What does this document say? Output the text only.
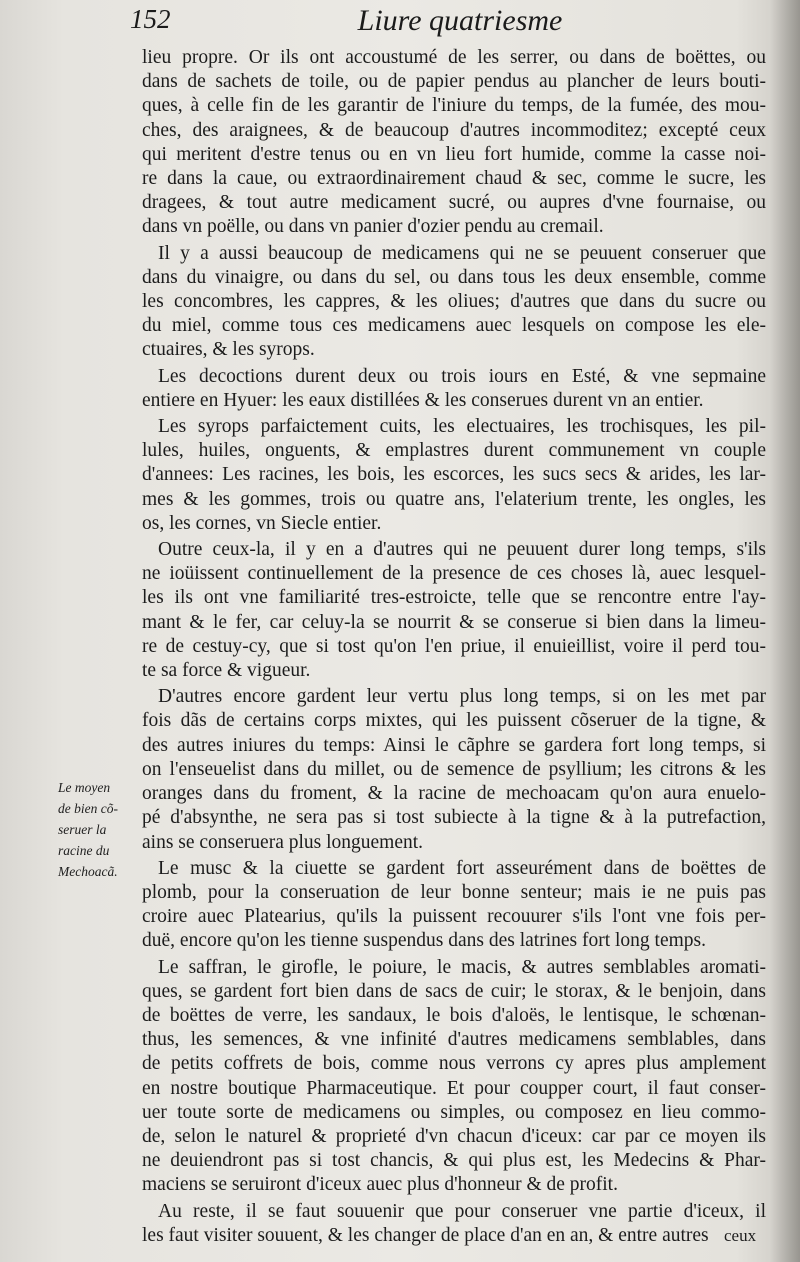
152	Liure quatriesme
lieu propre. Or ils ont accoustumé de les serrer, ou dans de boëttes, ou
dans de sachets de toile, ou de papier pendus au plancher de leurs bouti-
ques, à celle fin de les garantir de l'iniure du temps, de la fumée, des mou-
ches, des araignees, & de beaucoup d'autres incommoditez; excepté ceux
qui meritent d'estre tenus ou en vn lieu fort humide, comme la casse noi-
re dans la caue, ou extraordinairement chaud & sec, comme le sucre, les
dragees, & tout autre medicament sucré, ou aupres d'vne fournaise, ou
dans vn poëlle, ou dans vn panier d'ozier pendu au cremail.
Il y a aussi beaucoup de medicamens qui ne se peuuent conseruer que
dans du vinaigre, ou dans du sel, ou dans tous les deux ensemble, comme
les concombres, les cappres, & les oliues; d'autres que dans du sucre ou
du miel, comme tous ces medicamens auec lesquels on compose les ele-
ctuaires, & les syrops.
Les decoctions durent deux ou trois iours en Esté, & vne sepmaine
entiere en Hyuer: les eaux distillées & les conserues durent vn an entier.
Les syrops parfaictement cuits, les electuaires, les trochisques, les pil-
lules, huiles, onguents, & emplastres durent communement vn couple
d'annees: Les racines, les bois, les escorces, les sucs secs & arides, les lar-
mes & les gommes, trois ou quatre ans, l'elaterium trente, les ongles, les
os, les cornes, vn Siecle entier.
Outre ceux-la, il y en a d'autres qui ne peuuent durer long temps, s'ils
ne ioüissent continuellement de la presence de ces choses là, auec lesquel-
les ils ont vne familiarité tres-estroicte, telle que se rencontre entre l'ay-
mant & le fer, car celuy-la se nourrit & se conserue si bien dans la limeu-
re de cestuy-cy, que si tost qu'on l'en priue, il enuieillist, voire il perd tou-
te sa force & vigueur.
D'autres encore gardent leur vertu plus long temps, si on les met par
fois dãs de certains corps mixtes, qui les puissent cõseruer de la tigne, &
des autres iniures du temps: Ainsi le cãphre se gardera fort long temps, si
on l'enseuelist dans du millet, ou de semence de psyllium; les citrons & les
oranges dans du froment, & la racine de mechoacam qu'on aura enuelo-
pé d'absynthe, ne sera pas si tost subiecte à la tigne & à la putrefaction,
ains se conseruera plus longuement.
Le musc & la ciuette se gardent fort asseurément dans de boëttes de
plomb, pour la conseruation de leur bonne senteur; mais ie ne puis pas
croire auec Platearius, qu'ils la puissent recouurer s'ils l'ont vne fois per-
duë, encore qu'on les tienne suspendus dans des latrines fort long temps.
Le saffran, le girofle, le poiure, le macis, & autres semblables aromati-
ques, se gardent fort bien dans de sacs de cuir; le storax, & le benjoin, dans
de boëttes de verre, les sandaux, le bois d'aloës, le lentisque, le schœnan-
thus, les semences, & vne infinité d'autres medicamens semblables, dans
de petits coffrets de bois, comme nous verrons cy apres plus amplement
en nostre boutique Pharmaceutique. Et pour coupper court, il faut conser-
uer toute sorte de medicamens ou simples, ou composez en lieu commo-
de, selon le naturel & proprieté d'vn chacun d'iceux: car par ce moyen ils
ne deuiendront pas si tost chancis, & qui plus est, les Medecins & Phar-
maciens se seruiront d'iceux auec plus d'honneur & de profit.
Au reste, il se faut souuenir que pour conseruer vne partie d'iceux, il
les faut visiter souuent, & les changer de place d'an en an, & entre autres
Le moyen
de bien cõ-
seruer la
racine du
Mechoacã.
ceux
